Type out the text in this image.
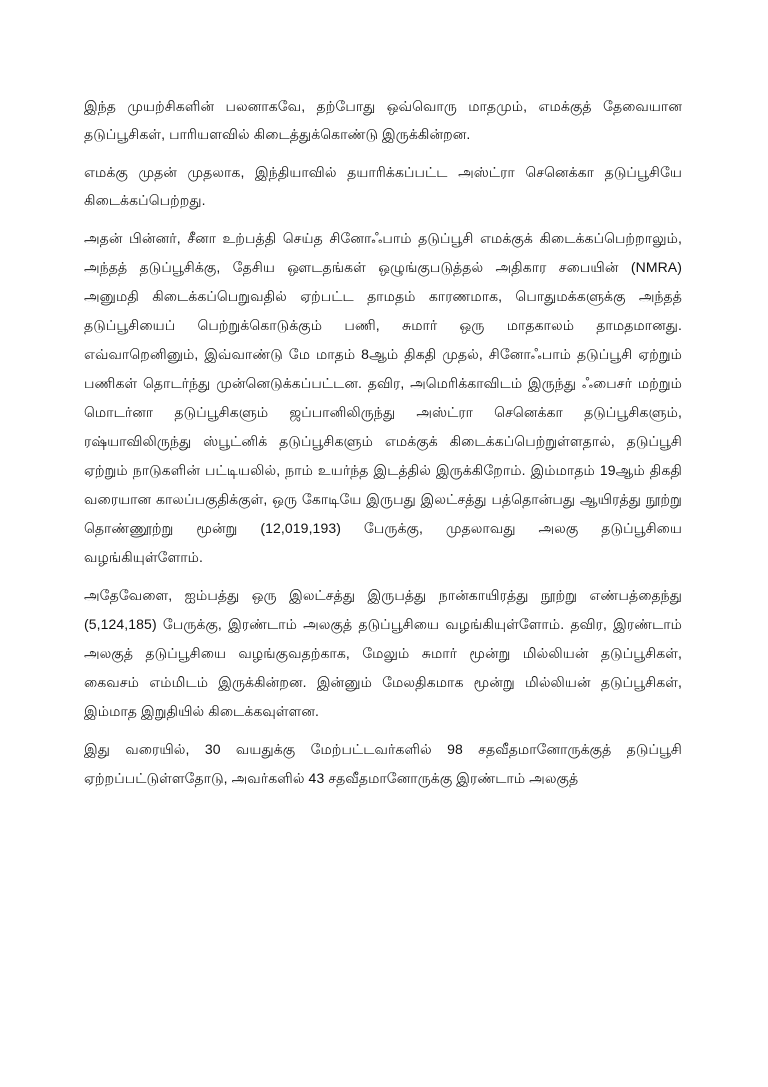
இந்த முயற்சிகளின் பலனாகவே, தற்போது ஒவ்வொரு மாதமும், எமக்குத் தேவையான தடுப்பூசிகள், பாரியளவில் கிடைத்துக்கொண்டு இருக்கின்றன.

எமக்கு முதன் முதலாக, இந்தியாவில் தயாரிக்கப்பட்ட அஸ்ட்ரா செனெக்கா தடுப்பூசியே கிடைக்கப்பெற்றது.

அதன் பின்னர், சீனா உற்பத்தி செய்த சினோஃபாம் தடுப்பூசி எமக்குக் கிடைக்கப்பெற்றாலும், அந்தத் தடுப்பூசிக்கு, தேசிய ஔடதங்கள் ஒழுங்குபடுத்தல் அதிகார சபையின் (NMRA) அனுமதி கிடைக்கப்பெறுவதில் ஏற்பட்ட தாமதம் காரணமாக, பொதுமக்களுக்கு அந்தத் தடுப்பூசியைப் பெற்றுக்கொடுக்கும் பணி, சுமார் ஒரு மாதகாலம் தாமதமானது. எவ்வாறெனினும், இவ்வாண்டு மே மாதம் 8ஆம் திகதி முதல், சினோஃபாம் தடுப்பூசி ஏற்றும் பணிகள் தொடர்ந்து முன்னெடுக்கப்பட்டன. தவிர, அமெரிக்காவிடம் இருந்து ஃபைசர் மற்றும் மொடர்னா தடுப்பூசிகளும் ஜப்பானிலிருந்து அஸ்ட்ரா செனெக்கா தடுப்பூசிகளும், ரஷ்யாவிலிருந்து ஸ்பூட்னிக் தடுப்பூசிகளும் எமக்குக் கிடைக்கப்பெற்றுள்ளதால், தடுப்பூசி ஏற்றும் நாடுகளின் பட்டியலில், நாம் உயர்ந்த இடத்தில் இருக்கிறோம். இம்மாதம் 19ஆம் திகதி வரையான காலப்பகுதிக்குள், ஒரு கோடியே இருபது இலட்சத்து பத்தொன்பது ஆயிரத்து நூற்று தொண்ணூற்று மூன்று (12,019,193) பேருக்கு, முதலாவது அலகு தடுப்பூசியை வழங்கியுள்ளோம்.

அதேவேளை, ஐம்பத்து ஒரு இலட்சத்து இருபத்து நான்காயிரத்து நூற்று எண்பத்தைந்து (5,124,185) பேருக்கு, இரண்டாம் அலகுத் தடுப்பூசியை வழங்கியுள்ளோம். தவிர, இரண்டாம் அலகுத் தடுப்பூசியை வழங்குவதற்காக, மேலும் சுமார் மூன்று மில்லியன் தடுப்பூசிகள், கைவசம் எம்மிடம் இருக்கின்றன. இன்னும் மேலதிகமாக மூன்று மில்லியன் தடுப்பூசிகள், இம்மாத இறுதியில் கிடைக்கவுள்ளன.

இது வரையில், 30 வயதுக்கு மேற்பட்டவர்களில் 98 சதவீதமானோருக்குத் தடுப்பூசி ஏற்றப்பட்டுள்ளதோடு, அவர்களில் 43 சதவீதமானோருக்கு இரண்டாம் அலகுத்
